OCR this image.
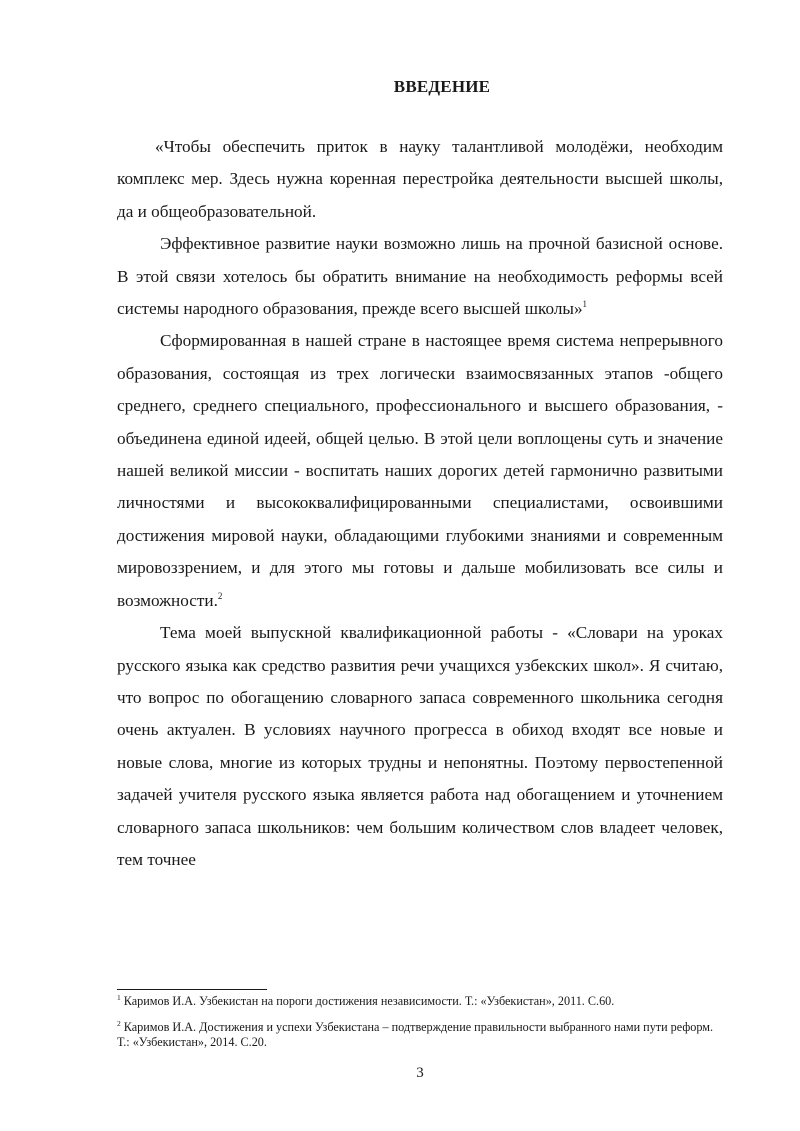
ВВЕДЕНИЕ

«Чтобы обеспечить приток в науку талантливой молодёжи, необходим комплекс мер. Здесь нужна коренная перестройка деятельности высшей школы, да и общеобразовательной.

Эффективное развитие науки возможно лишь на прочной базисной основе. В этой связи хотелось бы обратить внимание на необходимость реформы всей системы народного образования, прежде всего высшей школы»$^1$

Сформированная в нашей стране в настоящее время система непрерывного образования, состоящая из трех логически взаимосвязанных этапов -общего среднего, среднего специального, профессионального и высшего образования, - объединена единой идеей, общей целью. В этой цели воплощены суть и значение нашей великой миссии - воспитать наших дорогих детей гармонично развитыми личностями и высококвалифицированными специалистами, освоившими достижения мировой науки, обладающими глубокими знаниями и современным мировоззрением, и для этого мы готовы и дальше мобилизовать все силы и возможности.$^2$

Тема моей выпускной квалификационной работы - «Словари на уроках русского языка как средство развития речи учащихся узбекских школ». Я считаю, что вопрос по обогащению словарного запаса современного школьника сегодня очень актуален. В условиях научного прогресса в обиход входят все новые и новые слова, многие из которых трудны и непонятны. Поэтому первостепенной задачей учителя русского языка является работа над обогащением и уточнением словарного запаса школьников: чем большим количеством слов владеет человек, тем точнее

$^1$ Каримов И.А. Узбекистан на пороги достижения независимости. Т.: «Узбекистан», 2011. С.60.

$^2$ Каримов И.А. Достижения и успехи Узбекистана – подтверждение правильности выбранного нами пути реформ. Т.: «Узбекистан», 2014. С.20.

3
